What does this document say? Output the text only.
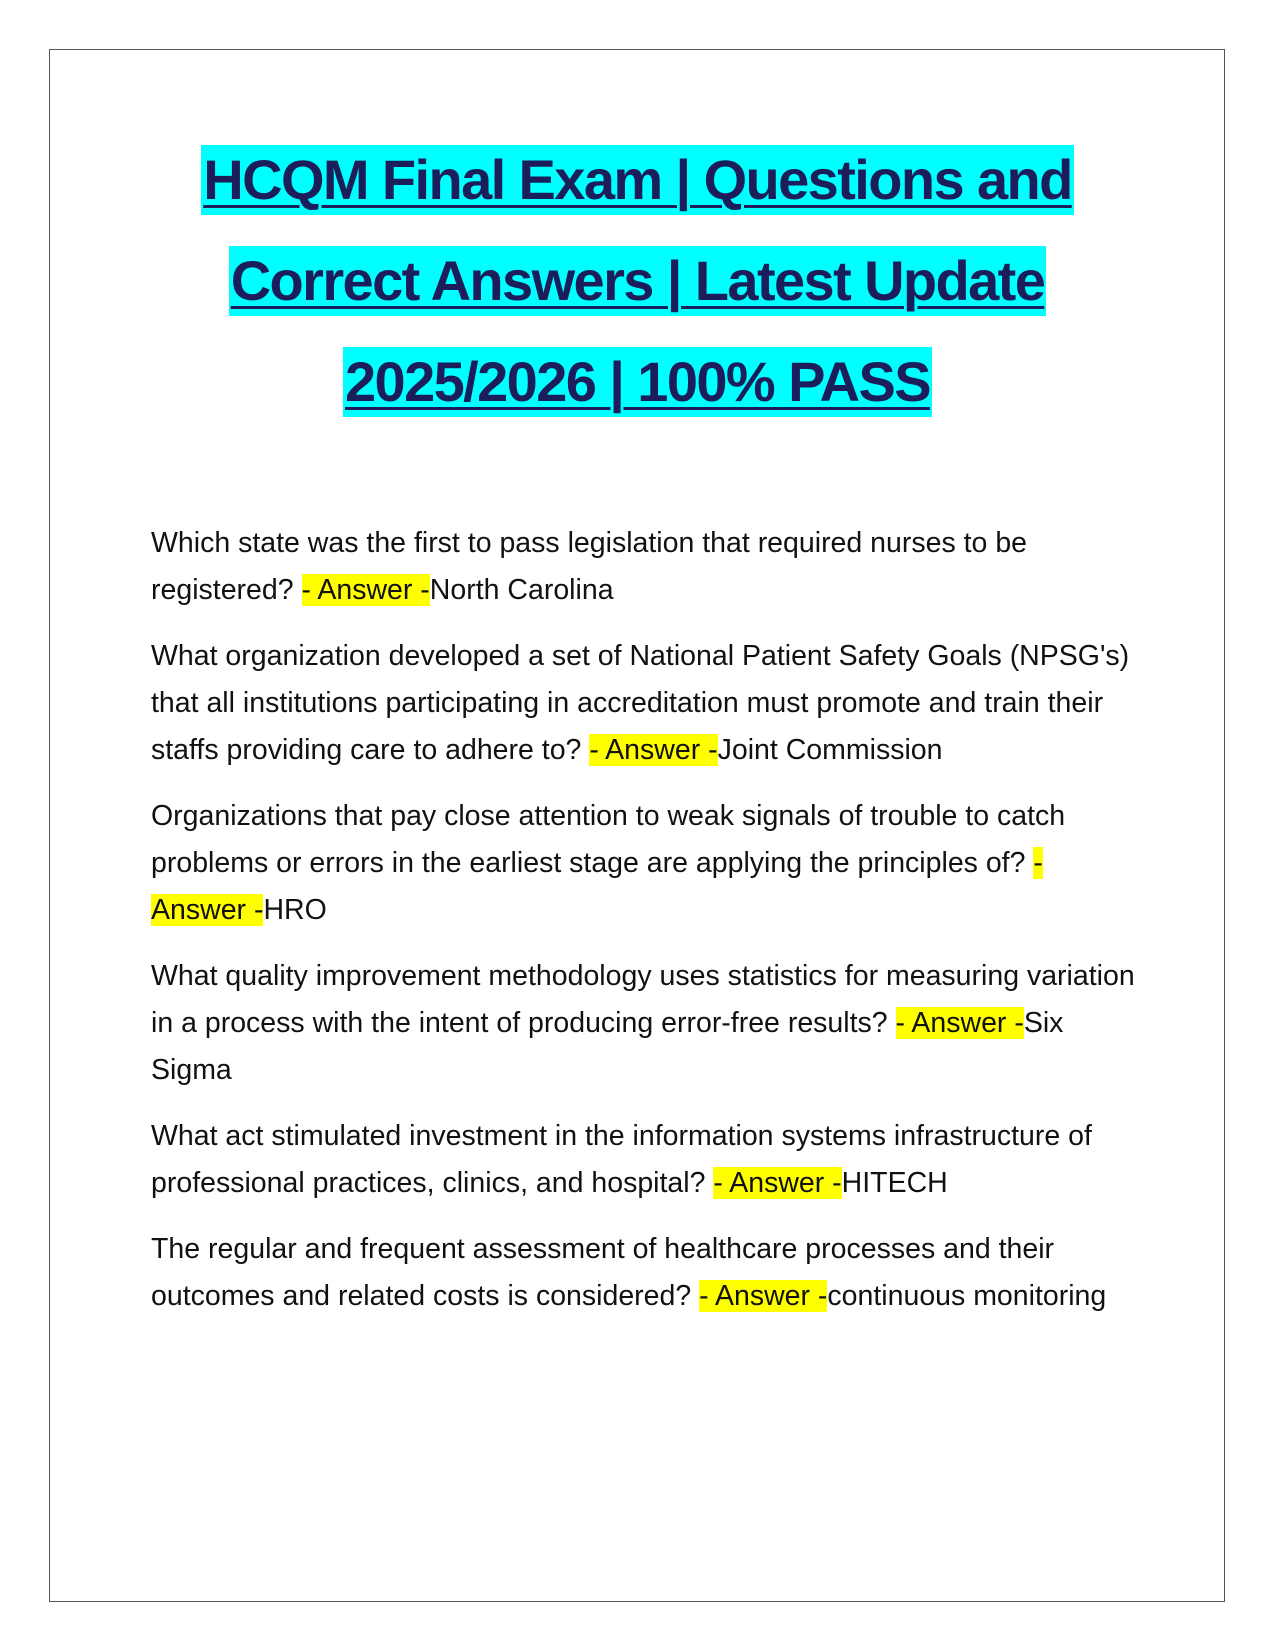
HCQM Final Exam | Questions and
Correct Answers | Latest Update
2025/2026 | 100% PASS

Which state was the first to pass legislation that required nurses to be registered? - Answer -North Carolina

What organization developed a set of National Patient Safety Goals (NPSG's) that all institutions participating in accreditation must promote and train their staffs providing care to adhere to? - Answer -Joint Commission

Organizations that pay close attention to weak signals of trouble to catch problems or errors in the earliest stage are applying the principles of? - Answer -HRO

What quality improvement methodology uses statistics for measuring variation in a process with the intent of producing error-free results? - Answer -Six Sigma

What act stimulated investment in the information systems infrastructure of professional practices, clinics, and hospital? - Answer -HITECH

The regular and frequent assessment of healthcare processes and their outcomes and related costs is considered? - Answer -continuous monitoring
